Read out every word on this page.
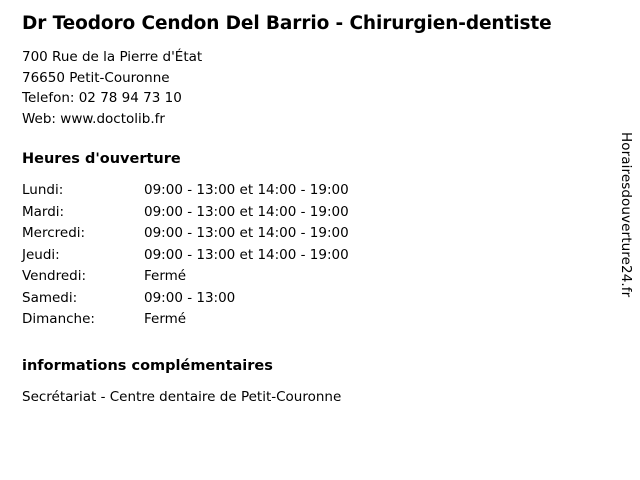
Dr Teodoro Cendon Del Barrio - Chirurgien-dentiste
700 Rue de la Pierre d'État
76650 Petit-Couronne
Telefon: 02 78 94 73 10
Web: www.doctolib.fr
Heures d'ouverture
Lundi:	09:00 - 13:00 et 14:00 - 19:00
Mardi:	09:00 - 13:00 et 14:00 - 19:00
Mercredi:	09:00 - 13:00 et 14:00 - 19:00
Jeudi:	09:00 - 13:00 et 14:00 - 19:00
Vendredi:	Fermé
Samedi:	09:00 - 13:00
Dimanche:	Fermé
informations complémentaires
Secrétariat - Centre dentaire de Petit-Couronne
Horairesdouverture24.fr
